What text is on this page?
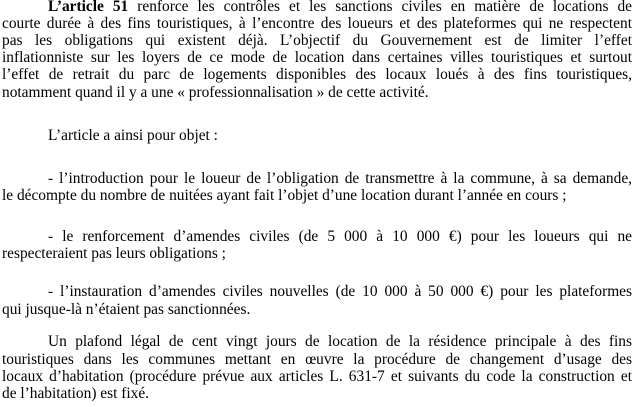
L’article 51 renforce les contrôles et les sanctions civiles en matière de locations de
courte durée à des fins touristiques, à l’encontre des loueurs et des plateformes qui ne respectent
pas les obligations qui existent déjà. L’objectif du Gouvernement est de limiter l’effet
inflationniste sur les loyers de ce mode de location dans certaines villes touristiques et surtout
l’effet de retrait du parc de logements disponibles des locaux loués à des fins touristiques,
notamment quand il y a une « professionnalisation » de cette activité.
L’article a ainsi pour objet :
- l’introduction pour le loueur de l’obligation de transmettre à la commune, à sa demande,
le décompte du nombre de nuitées ayant fait l’objet d’une location durant l’année en cours ;
- le renforcement d’amendes civiles (de 5 000 à 10 000 €) pour les loueurs qui ne
respecteraient pas leurs obligations ;
- l’instauration d’amendes civiles nouvelles (de 10 000 à 50 000 €) pour les plateformes
qui jusque-là n’étaient pas sanctionnées.
Un plafond légal de cent vingt jours de location de la résidence principale à des fins
touristiques dans les communes mettant en œuvre la procédure de changement d’usage des
locaux d’habitation (procédure prévue aux articles L. 631-7 et suivants du code la construction et
de l’habitation) est fixé.
